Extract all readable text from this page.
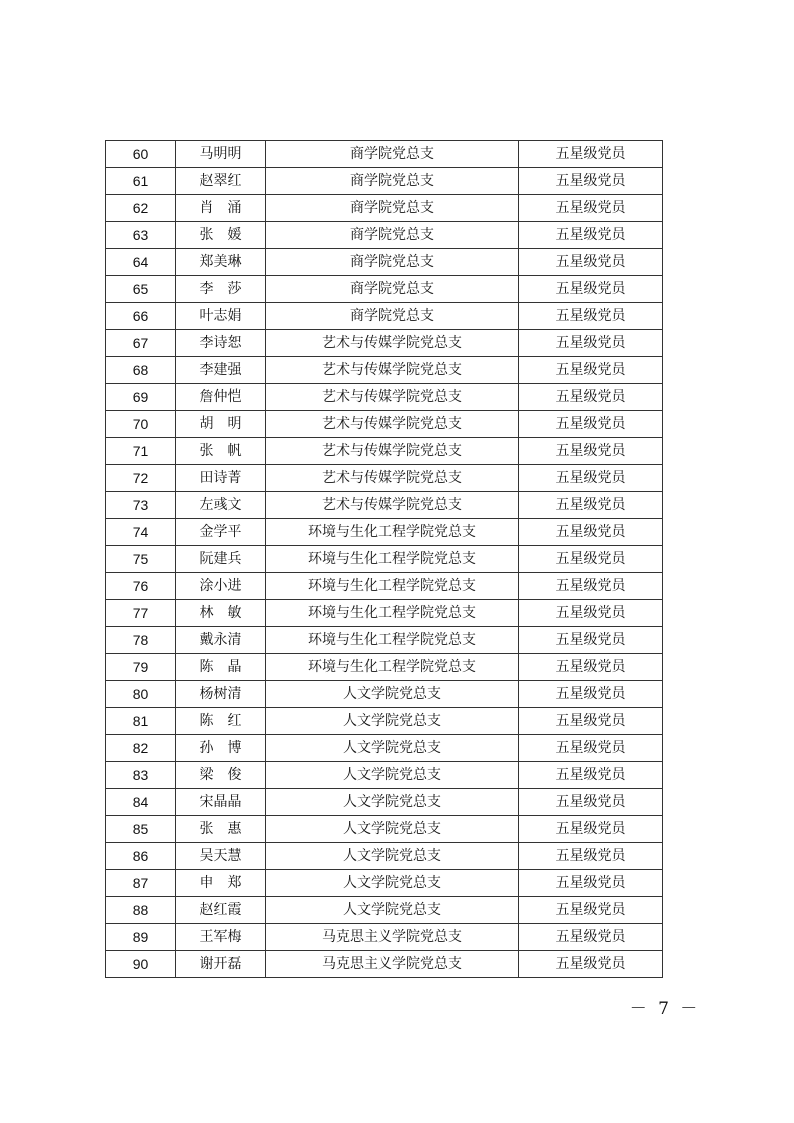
60	马明明	商学院党总支	五星级党员
61	赵翠红	商学院党总支	五星级党员
62	肖　涌	商学院党总支	五星级党员
63	张　媛	商学院党总支	五星级党员
64	郑美琳	商学院党总支	五星级党员
65	李　莎	商学院党总支	五星级党员
66	叶志娟	商学院党总支	五星级党员
67	李诗恕	艺术与传媒学院党总支	五星级党员
68	李建强	艺术与传媒学院党总支	五星级党员
69	詹仲恺	艺术与传媒学院党总支	五星级党员
70	胡　明	艺术与传媒学院党总支	五星级党员
71	张　帆	艺术与传媒学院党总支	五星级党员
72	田诗菁	艺术与传媒学院党总支	五星级党员
73	左彧文	艺术与传媒学院党总支	五星级党员
74	金学平	环境与生化工程学院党总支	五星级党员
75	阮建兵	环境与生化工程学院党总支	五星级党员
76	涂小进	环境与生化工程学院党总支	五星级党员
77	林　敏	环境与生化工程学院党总支	五星级党员
78	戴永清	环境与生化工程学院党总支	五星级党员
79	陈　晶	环境与生化工程学院党总支	五星级党员
80	杨树清	人文学院党总支	五星级党员
81	陈　红	人文学院党总支	五星级党员
82	孙　博	人文学院党总支	五星级党员
83	梁　俊	人文学院党总支	五星级党员
84	宋晶晶	人文学院党总支	五星级党员
85	张　惠	人文学院党总支	五星级党员
86	吴天慧	人文学院党总支	五星级党员
87	申　郑	人文学院党总支	五星级党员
88	赵红霞	人文学院党总支	五星级党员
89	王军梅	马克思主义学院党总支	五星级党员
90	谢开磊	马克思主义学院党总支	五星级党员
－ 7 －
